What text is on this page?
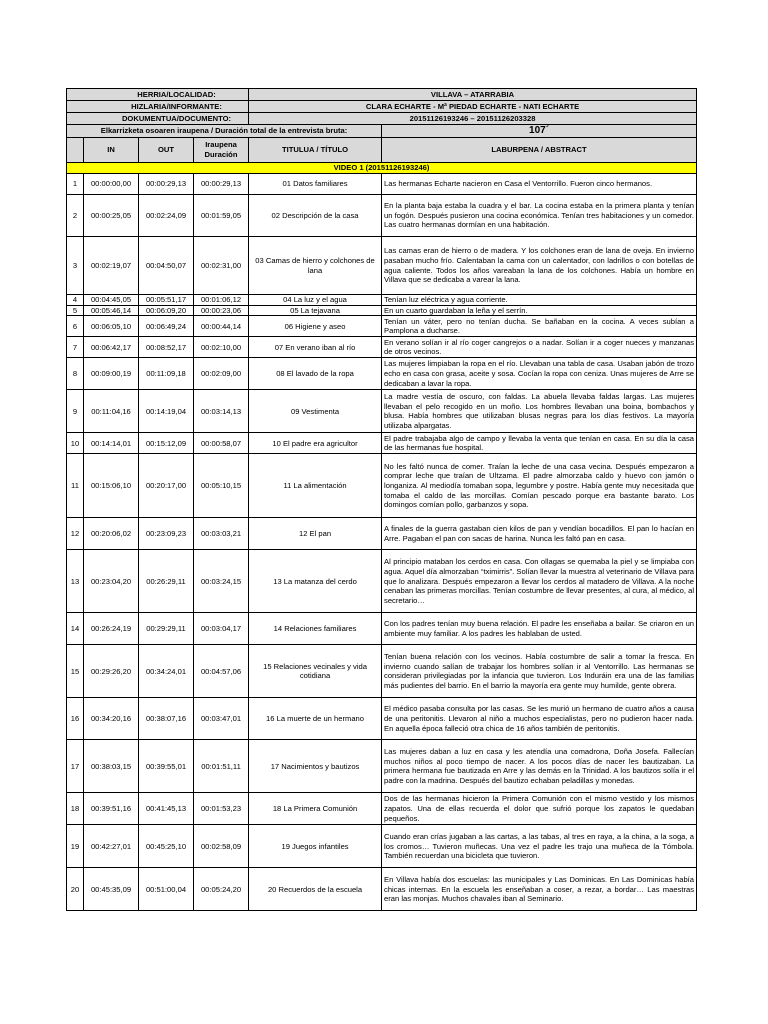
HERRIA/LOCALIDAD:				VILLAVA – ATARRABIA	
HIZLARIA/INFORMANTE:				CLARA ECHARTE - Mª PIEDAD ECHARTE - NATI ECHARTE	
DOKUMENTUA/DOCUMENTO:				20151126193246 – 20151126203328	
Elkarrizketa osoaren iraupena / Duración total de la entrevista bruta:					107´
	IN	OUT	Iraupena Duración	TITULUA / TÍTULO	LABURPENA / ABSTRACT
VIDEO 1 (20151126193246)					
1	00:00:00,00	00:00:29,13	00:00:29,13	01 Datos familiares	Las hermanas Echarte nacieron en Casa el Ventorrillo. Fueron cinco hermanos.
2	00:00:25,05	00:02:24,09	00:01:59,05	02 Descripción de la casa	En la planta baja estaba la cuadra y el bar. La cocina estaba en la primera planta y tenían un fogón. Después pusieron una cocina económica. Tenían tres habitaciones y un comedor. Las cuatro hermanas dormían en una habitación.
3	00:02:19,07	00:04:50,07	00:02:31,00	03 Camas de hierro y colchones de lana	Las camas eran de hierro o de madera. Y los colchones eran de lana de oveja. En invierno pasaban mucho frío. Calentaban la cama con un calentador, con ladrillos o con botellas de agua caliente. Todos los años vareaban la lana de los colchones. Había un hombre en Villava que se dedicaba a varear la lana.
4	00:04:45,05	00:05:51,17	00:01:06,12	04 La luz y el agua	Tenían luz eléctrica y agua corriente.
5	00:05:46,14	00:06:09,20	00:00:23,06	05 La tejavana	En un cuarto guardaban la leña y el serrín.
6	00:06:05,10	00:06:49,24	00:00:44,14	06 Higiene y aseo	Tenían un váter, pero no tenían ducha. Se bañaban en la cocina. A veces subían a Pamplona a ducharse.
7	00:06:42,17	00:08:52,17	00:02:10,00	07 En verano iban al río	En verano solían ir al río coger cangrejos o a nadar. Solían ir a coger nueces y manzanas de otros vecinos.
8	00:09:00,19	00:11:09,18	00:02:09,00	08 El lavado de la ropa	Las mujeres limpiaban la ropa en el río. Llevaban una tabla de casa. Usaban jabón de trozo echo en casa con grasa, aceite y sosa. Cocían la ropa con ceniza. Unas mujeres de Arre se dedicaban a lavar la ropa.
9	00:11:04,16	00:14:19,04	00:03:14,13	09 Vestimenta	La madre vestía de oscuro, con faldas. La abuela llevaba faldas largas. Las mujeres llevaban el pelo recogido en un moño. Los hombres llevaban una boina, bombachos y blusa. Había hombres que utilizaban blusas negras para los días festivos. La mayoría utilizaba alpargatas.
10	00:14:14,01	00:15:12,09	00:00:58,07	10 El padre era agricultor	El padre trabajaba algo de campo y llevaba la venta que tenían en casa. En su día la casa de las hermanas fue hospital.
11	00:15:06,10	00:20:17,00	00:05:10,15	11 La alimentación	No les faltó nunca de comer. Traían la leche de una casa vecina. Después empezaron a comprar leche que traían de Ultzama. El padre almorzaba caldo y huevo con jamón o longaniza. Al mediodía tomaban sopa, legumbre y postre. Había gente muy necesitada que tomaba el caldo de las morcillas. Comían pescado porque era bastante barato. Los domingos comían pollo, garbanzos y sopa.
12	00:20:06,02	00:23:09,23	00:03:03,21	12 El pan	A finales de la guerra gastaban cien kilos de pan y vendían bocadillos. El pan lo hacían en Arre. Pagaban el pan con sacas de harina. Nunca les faltó pan en casa.
13	00:23:04,20	00:26:29,11	00:03:24,15	13 La matanza del cerdo	Al principio mataban los cerdos en casa. Con ollagas se quemaba la piel y se limpiaba con agua. Aquel día almorzaban “tximirris”. Solían llevar la muestra al veterinario de Villava para que lo analizara. Después empezaron a llevar los cerdos al matadero de Villava. A la noche cenaban las primeras morcillas. Tenían costumbre de llevar presentes, al cura, al médico, al secretario…
14	00:26:24,19	00:29:29,11	00:03:04,17	14 Relaciones familiares	Con los padres tenían muy buena relación. El padre les enseñaba a bailar. Se criaron en un ambiente muy familiar. A los padres les hablaban de usted.
15	00:29:26,20	00:34:24,01	00:04:57,06	15 Relaciones vecinales y vida cotidiana	Tenían buena relación con los vecinos. Había costumbre de salir a tomar la fresca. En invierno cuando salían de trabajar los hombres solían ir al Ventorrillo. Las hermanas se consideran privilegiadas por la infancia que tuvieron. Los Induráin era una de las familias más pudientes del barrio. En el barrio la mayoría era gente muy humilde, gente obrera.
16	00:34:20,16	00:38:07,16	00:03:47,01	16 La muerte de un hermano	El médico pasaba consulta por las casas. Se les murió un hermano de cuatro años a causa de una peritonitis. Llevaron al niño a muchos especialistas, pero no pudieron hacer nada. En aquella época falleció otra chica de 16 años también de peritonitis.
17	00:38:03,15	00:39:55,01	00:01:51,11	17 Nacimientos y bautizos	Las mujeres daban a luz en casa y les atendía una comadrona, Doña Josefa. Fallecían muchos niños al poco tiempo de nacer. A los pocos días de nacer les bautizaban. La primera hermana fue bautizada en Arre y las demás en la Trinidad. A los bautizos solía ir el padre con la madrina. Después del bautizo echaban peladillas y monedas.
18	00:39:51,16	00:41:45,13	00:01:53,23	18 La Primera Comunión	Dos de las hermanas hicieron la Primera Comunión con el mismo vestido y los mismos zapatos. Una de ellas recuerda el dolor que sufrió porque los zapatos le quedaban pequeños.
19	00:42:27,01	00:45:25,10	00:02:58,09	19 Juegos infantiles	Cuando eran crías jugaban a las cartas, a las tabas, al tres en raya, a la china, a la soga, a los cromos… Tuvieron muñecas. Una vez el padre les trajo una muñeca de la Tómbola. También recuerdan una bicicleta que tuvieron.
20	00:45:35,09	00:51:00,04	00:05:24,20	20 Recuerdos de la escuela	En Villava había dos escuelas: las municipales y Las Dominicas. En Las Dominicas había chicas internas. En la escuela les enseñaban a coser, a rezar, a bordar… Las maestras eran las monjas. Muchos chavales iban al Seminario.
